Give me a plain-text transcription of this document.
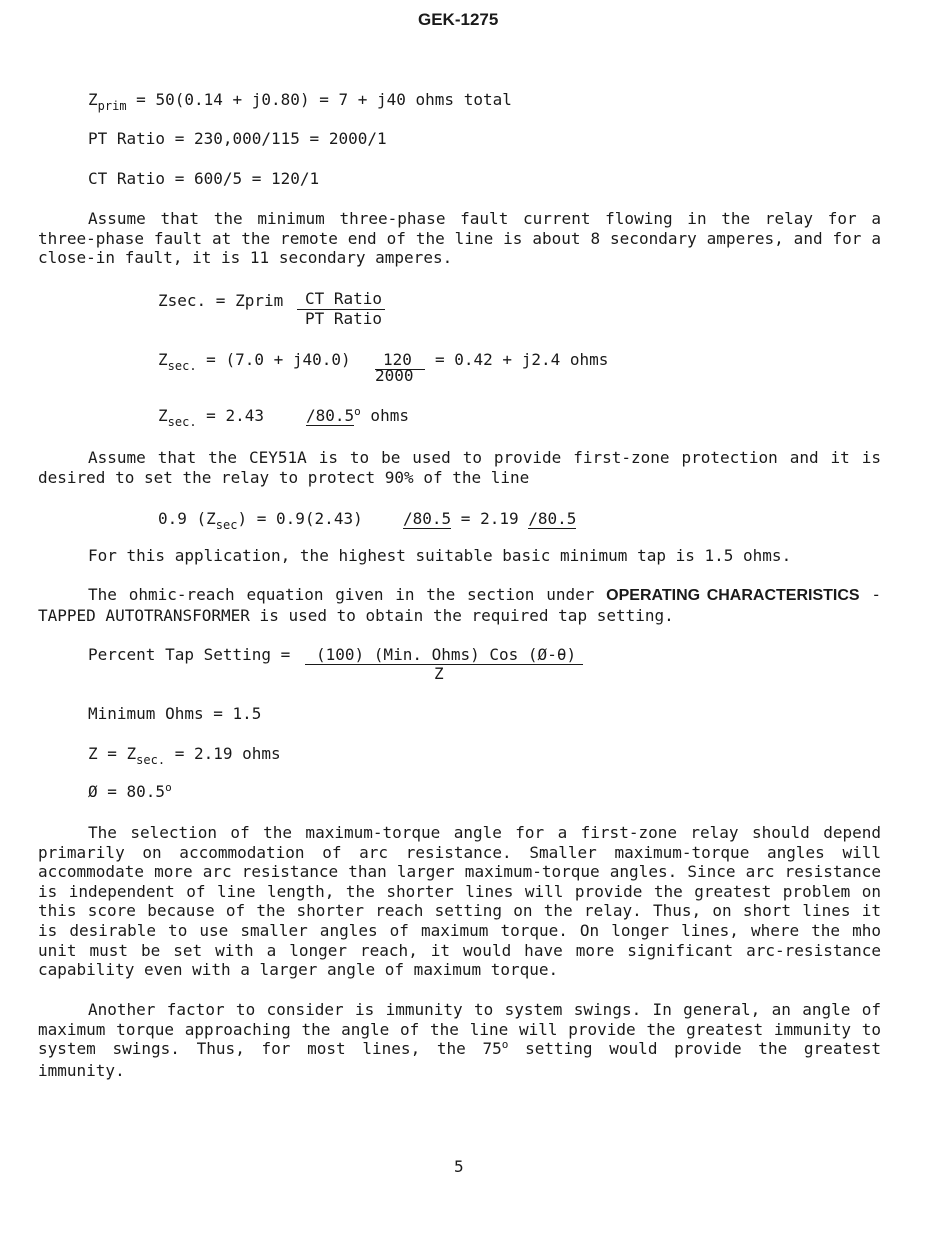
GEK-1275
$Z_{prim} = 50(0.14 + j0.80) = 7 + j40$ ohms total
PT Ratio = 230,000/115 = 2000/1
CT Ratio = 600/5 = 120/1
Assume that the minimum three-phase fault current flowing in the relay for a three-phase fault at the remote end of the line is about 8 secondary amperes, and for a close-in fault, it is 11 secondary amperes.
Zsec. = Zprim CT Ratio
PT Ratio
$Z_{sec.} = (7.0 + j40.0)$ 120
2000
= 0.42 + j2.4 ohms
$Z_{sec.} = 2.43$	/80.5$^o$ ohms
Assume that the CEY51A is to be used to provide first-zone protection and it is desired to set the relay to protect 90% of the line
0.9 $(Z_{sec}) = 0.9(2.43)$	/80.5 = 2.19 /80.5
For this application, the highest suitable basic minimum tap is 1.5 ohms.
The ohmic-reach equation given in the section under OPERATING CHARACTERISTICS - TAPPED AUTOTRANSFORMER is used to obtain the required tap setting.
Percent Tap Setting = (100) (Min. Ohms) Cos (Ø-θ)
Z
Minimum Ohms = 1.5
$Z = Z_{sec.} = 2.19$ ohms
Ø = $80.5^o$
The selection of the maximum-torque angle for a first-zone relay should depend primarily on accommodation of arc resistance. Smaller maximum-torque angles will accommodate more arc resistance than larger maximum-torque angles. Since arc resistance is independent of line length, the shorter lines will provide the greatest problem on this score because of the shorter reach setting on the relay. Thus, on short lines it is desirable to use smaller angles of maximum torque. On longer lines, where the mho unit must be set with a longer reach, it would have more significant arc-resistance capability even with a larger angle of maximum torque.
Another factor to consider is immunity to system swings. In general, an angle of maximum torque approaching the angle of the line will provide the greatest immunity to system swings. Thus, for most lines, the 75$^o$ setting would provide the greatest immunity.
5
